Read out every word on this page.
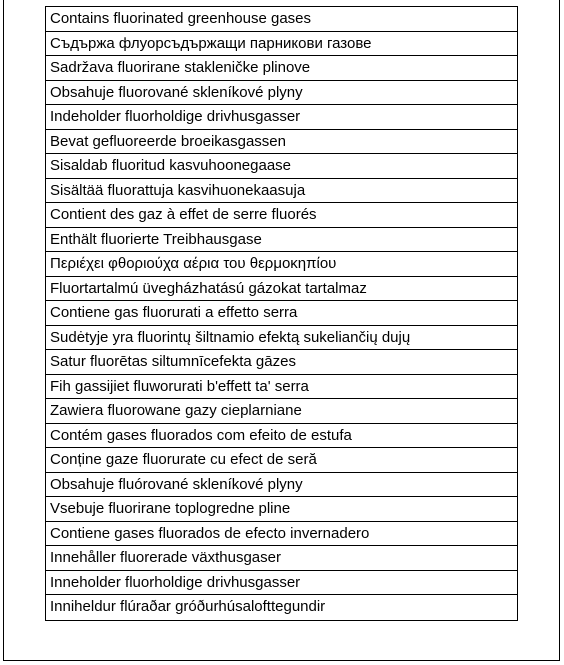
Contains fluorinated greenhouse gases
Съдържа флуорсъдържащи парникови газове
Sadržava fluorirane stakleničke plinove
Obsahuje fluorované skleníkové plyny
Indeholder fluorholdige drivhusgasser
Bevat gefluoreerde broeikasgassen
Sisaldab fluoritud kasvuhoonegaase
Sisältää fluorattuja kasvihuonekaasuja
Contient des gaz à effet de serre fluorés
Enthält fluorierte Treibhausgase
Περιέχει φθοριούχα αέρια του θερμοκηπίου
Fluortartalmú üvegházhatású gázokat tartalmaz
Contiene gas fluorurati a effetto serra
Sudėtyje yra fluorintų šiltnamio efektą sukeliančių dujų
Satur fluorētas siltumnīcefekta gāzes
Fih gassijiet fluworurati b'effett ta' serra
Zawiera fluorowane gazy cieplarniane
Contém gases fluorados com efeito de estufa
Conține gaze fluorurate cu efect de seră
Obsahuje fluórované skleníkové plyny
Vsebuje fluorirane toplogredne pline
Contiene gases fluorados de efecto invernadero
Innehåller fluorerade växthusgaser
Inneholder fluorholdige drivhusgasser
Inniheldur flúraðar gróðurhúsalofttegundir
